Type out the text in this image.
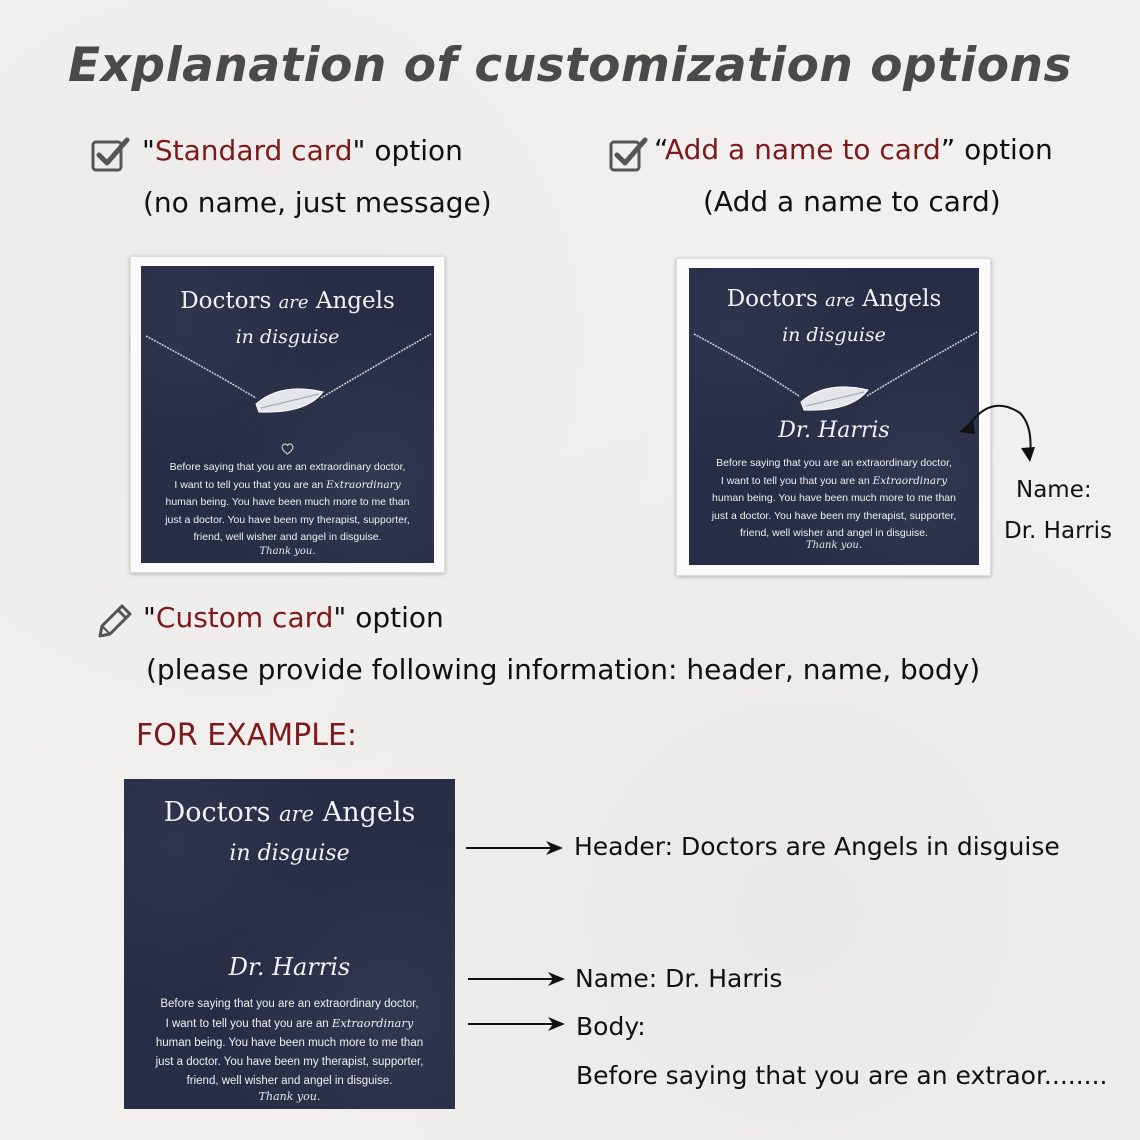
Explanation of customization options
"Standard card" option
(no name, just message)
“Add a name to card” option
(Add a name to card)
Doctors are Angels
in disguise
Before saying that you are an extraordinary doctor,
I want to tell you that you are an Extraordinary
human being. You have been much more to me than
just a doctor. You have been my therapist, supporter,
friend, well wisher and angel in disguise.
Thank you.
Doctors are Angels
in disguise
Dr. Harris
Before saying that you are an extraordinary doctor,
I want to tell you that you are an Extraordinary
human being. You have been much more to me than
just a doctor. You have been my therapist, supporter,
friend, well wisher and angel in disguise.
Thank you.
Name:
Dr. Harris
"Custom card" option
(please provide following information: header, name, body)
FOR EXAMPLE:
Doctors are Angels
in disguise
Dr. Harris
Before saying that you are an extraordinary doctor,
I want to tell you that you are an Extraordinary
human being. You have been much more to me than
just a doctor. You have been my therapist, supporter,
friend, well wisher and angel in disguise.
Thank you.
Header: Doctors are Angels in disguise
Name: Dr. Harris
Body:
Before saying that you are an extraor........
